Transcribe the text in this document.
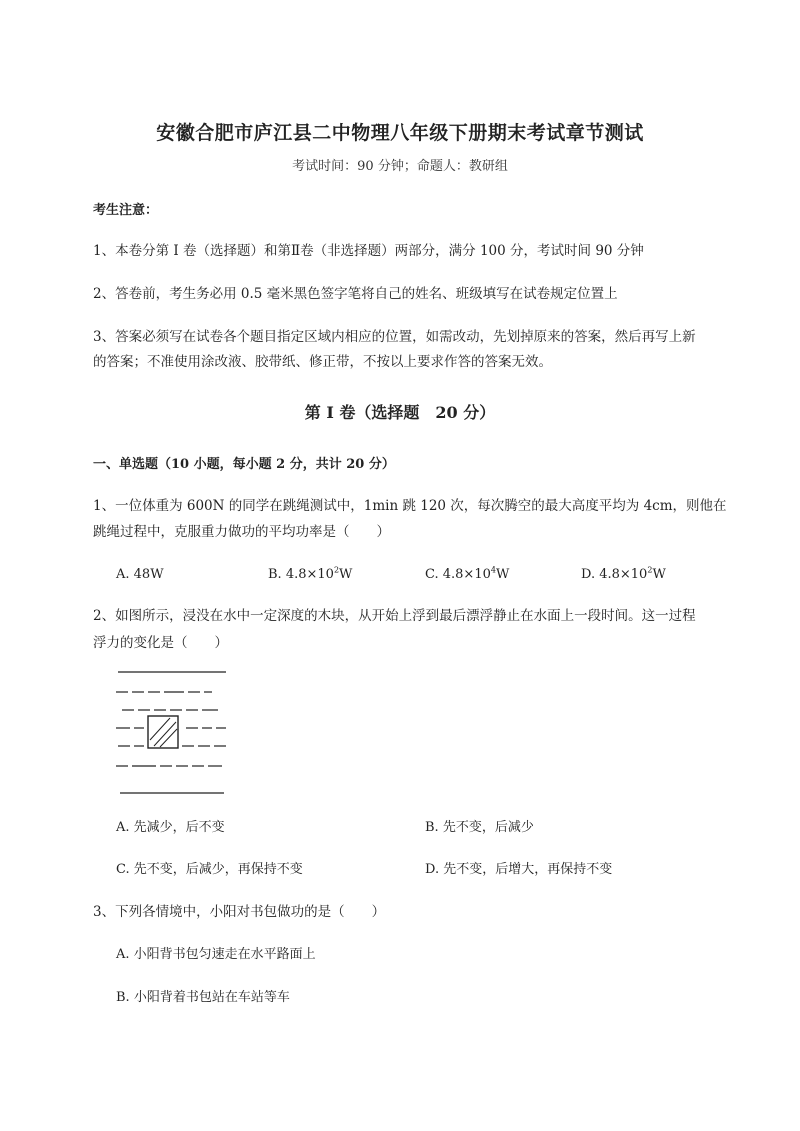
安徽合肥市庐江县二中物理八年级下册期末考试章节测试
考试时间：90 分钟；命题人：教研组
考生注意：
1、本卷分第 I 卷（选择题）和第Ⅱ卷（非选择题）两部分，满分 100 分，考试时间 90 分钟
2、答卷前，考生务必用 0.5 毫米黑色签字笔将自己的姓名、班级填写在试卷规定位置上
3、答案必须写在试卷各个题目指定区域内相应的位置，如需改动，先划掉原来的答案，然后再写上新
的答案；不准使用涂改液、胶带纸、修正带，不按以上要求作答的答案无效。
第 I 卷（选择题　20 分）
一、单选题（10 小题，每小题 2 分，共计 20 分）
1、一位体重为 600N 的同学在跳绳测试中，1min 跳 120 次，每次腾空的最大高度平均为 4cm，则他在
跳绳过程中，克服重力做功的平均功率是（　　）
A. 48W	B. $4.8\times 10^2W$	C. $4.8\times 10^4W$	D. $4.8\times 10^2W$
2、如图所示，浸没在水中一定深度的木块，从开始上浮到最后漂浮静止在水面上一段时间。这一过程
浮力的变化是（　　）
A. 先减少，后不变	B. 先不变，后减少
C. 先不变，后减少，再保持不变	D. 先不变，后增大，再保持不变
3、下列各情境中，小阳对书包做功的是（　　）
A. 小阳背书包匀速走在水平路面上
B. 小阳背着书包站在车站等车
